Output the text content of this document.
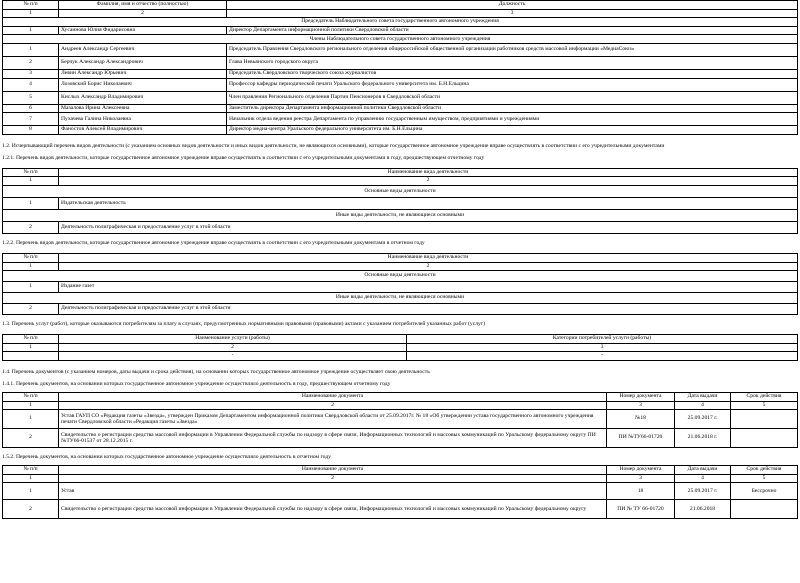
№ п/п	Фамилия, имя и отчество (полностью)	Должность
1	2	3
Председатель Наблюдательного совета государственного автономного учреждения		
1	Хусаинова Юлия Фидарисовна	Директор Департамента информационной политики Свердловской области
Члены Наблюдательного совета государственного автономного учреждения		
1	Андреев Александр Сергеевич	Председатель Правления Свердловского регионального отделения общероссийской общественной организации работников средств массовой информации «МедиаСоюз»
2	Берчук Александр Александрович	Глава Невьянского городского округа
3	Левин Александр Юрьевич	Председатель Свердловского творческого союза журналистов
4	Лозовский Борис Николаевич	Профессор кафедры периодической печати Уральского федерального университета им. Б.Н.Ельцина
5	Кислых Александр Владимирович	Член правления Регионального отделения Партии Пенсионеров в Свердловской области
6	Мазалова Ирина Алексеевна	Заместитель директора Департамента информационной политики Свердловской области
7	Пухачева Галина Николаевна	Начальник отдела ведения реестра Департамента по управлению государственным имуществом, предприятиями и учреждениями
8	Фаностов Алексей Владимирович	Директор медиа-центра Уральского федерального университета им. Б.Н.Ельцина
1.2. Исчерпывающий перечень видов деятельности (с указанием основных видов деятельности и иных видов деятельности, не являющихся основными), которые государственное автономное учреждение вправе осуществлять в соответствии с его учредительными документами
1.2.1. Перечень видов деятельности, которые государственное автономное учреждение вправе осуществлять в соответствии с его учредительными документами в году, предшествующем отчетному году
№ п/п	Наименование вида деятельности
1	2
Основные виды деятельности	
1	Издательская деятельность
Иные виды деятельности, не являющиеся основными	
2	Деятельность полиграфическая и предоставление услуг в этой области
1.2.2. Перечень видов деятельности, которые государственное автономное учреждение вправе осуществлять в соответствии с его учредительными документами в отчетном году
№ п/п	Наименование вида деятельности
1	2
Основные виды деятельности	
1	Издание газет
Иные виды деятельности, не являющиеся основными	
2	Деятельность полиграфическая и предоставление услуг в этой области
1.3. Перечень услуг (работ), которые оказываются потребителям за плату в случаях, предусмотренных нормативными правовыми (правовыми) актами с указанием потребителей указанных работ (услуг)
№ п/п	Наименование услуги (работы)	Категории потребителей услуги (работы)
1	2	3
	-	-
1.4. Перечень документов (с указанием номеров, даты выдачи и срока действия), на основании которых государственное автономное учреждение осуществляет свою деятельность
1.4.1. Перечень документов, на основании которых государственное автономное учреждение осуществляло деятельность в году, предшествующем отчетному году
№ п/п	Наименование документа	Номер документа	Дата выдачи	Срок действия
1	2	3	4	5
1	Устав ГАУП СО «Редакция газеты «Звезда», утвержден Приказом Департаментом информационной политики Свердловской области от 25.09.2017г. № 18 «Об утверждении устава государственного автономного учреждения печати Свердловской области «Редакция газеты «Звезда»	№18	25.09.2017 г.	
2	Свидетельство о регистрации средства массовой информации в Управлении Федеральной службы по надзору в сфере связи, Информационных технологий и массовых коммуникаций по Уральскому федеральному округу ПИ №ТУ66-01537 от 28.12.2015 г.	ПИ №ТУ66-01720	21.06.2018 г.	
1.5.2. Перечень документов, на основании которых государственное автономное учреждение осуществляло деятельность в отчетном году
№ п/п	Наименование документа	Номер документа	Дата выдачи	Срок действия
1	2	3	4	5
1	Устав	18	25.09.2017 г.	Бессрочно
2	Свидетельство о регистрации средства массовой информации в Управлении Федеральной службы по надзору в сфере связи, Информационных технологий и массовых коммуникаций по Уральскому федеральному округу	ПИ № ТУ 66-01720	21.06.2018	
